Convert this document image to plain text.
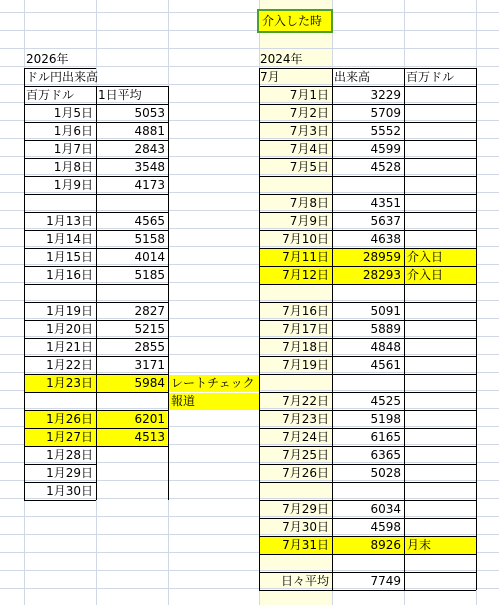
介入した時
2026年
ドル円出来高
百万ドル 1日平均
2024年
7月	出来高	百万ドル
1月5日	5053
1月6日	4881
1月7日	2843
1月8日	3548
1月9日	4173
1月13日	4565
1月14日	5158
1月15日	4014
1月16日	5185
1月19日	2827
1月20日	5215
1月21日	2855
1月22日	3171
1月23日	5984 レートチェック
報道
1月26日	6201
1月27日	4513
1月28日
1月29日
1月30日
7月1日	3229
7月2日	5709
7月3日	5552
7月4日	4599
7月5日	4528
7月8日	4351
7月9日	5637
7月10日	4638
7月11日	28959 介入日
7月12日	28293 介入日
7月16日	5091
7月17日	5889
7月18日	4848
7月19日	4561
7月22日	4525
7月23日	5198
7月24日	6165
7月25日	6365
7月26日	5028
7月29日	6034
7月30日	4598
7月31日	8926 月末
日々平均	7749
